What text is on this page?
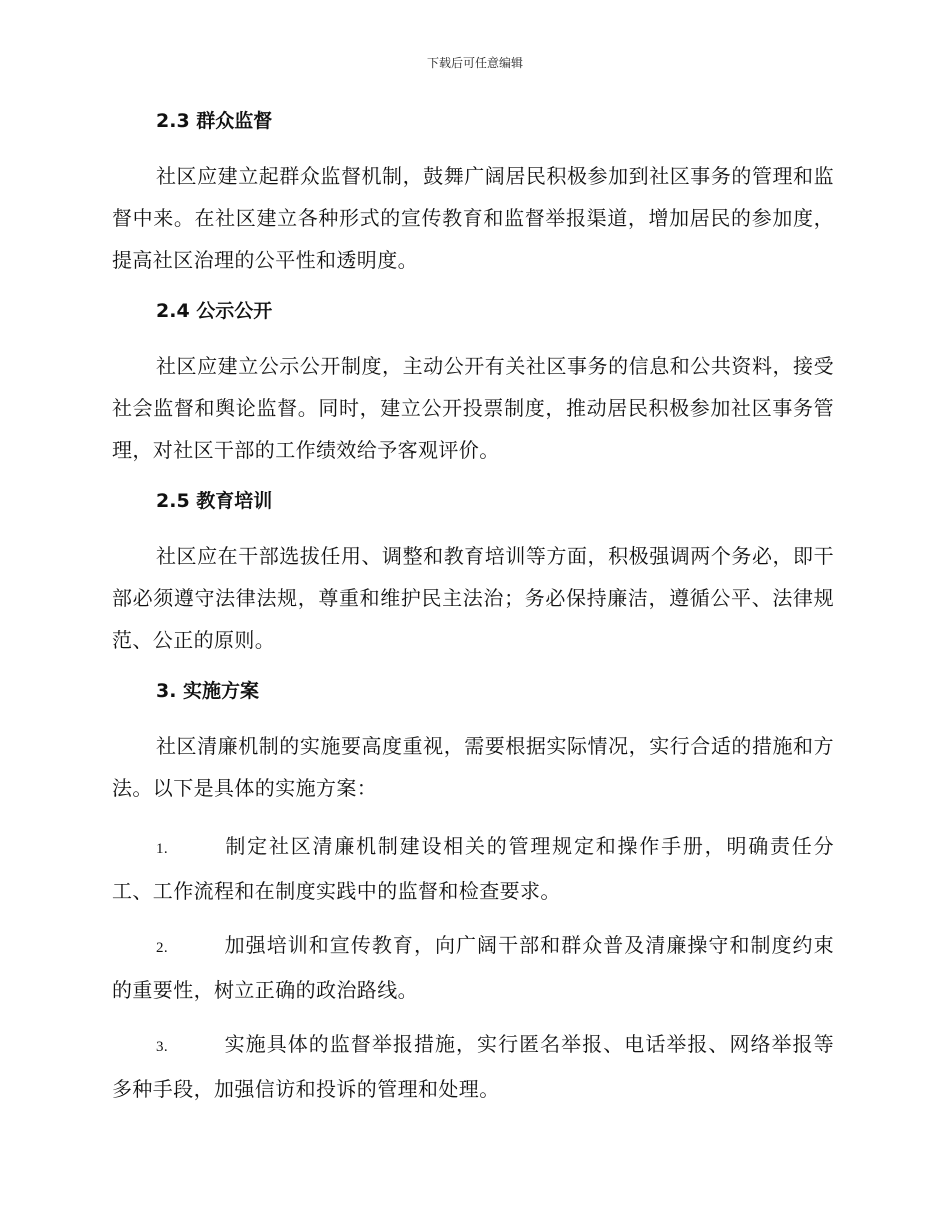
下载后可任意编辑
2.3 群众监督

社区应建立起群众监督机制，鼓舞广阔居民积极参加到社区事务的管理和监督中来。在社区建立各种形式的宣传教育和监督举报渠道，增加居民的参加度，提高社区治理的公平性和透明度。

2.4 公示公开

社区应建立公示公开制度，主动公开有关社区事务的信息和公共资料，接受社会监督和舆论监督。同时，建立公开投票制度，推动居民积极参加社区事务管理，对社区干部的工作绩效给予客观评价。

2.5 教育培训

社区应在干部选拔任用、调整和教育培训等方面，积极强调两个务必，即干部必须遵守法律法规，尊重和维护民主法治；务必保持廉洁，遵循公平、法律规范、公正的原则。

3. 实施方案

社区清廉机制的实施要高度重视，需要根据实际情况，实行合适的措施和方法。以下是具体的实施方案：

1.	制定社区清廉机制建设相关的管理规定和操作手册，明确责任分工、工作流程和在制度实践中的监督和检查要求。

2.	加强培训和宣传教育，向广阔干部和群众普及清廉操守和制度约束的重要性，树立正确的政治路线。

3.	实施具体的监督举报措施，实行匿名举报、电话举报、网络举报等多种手段，加强信访和投诉的管理和处理。
